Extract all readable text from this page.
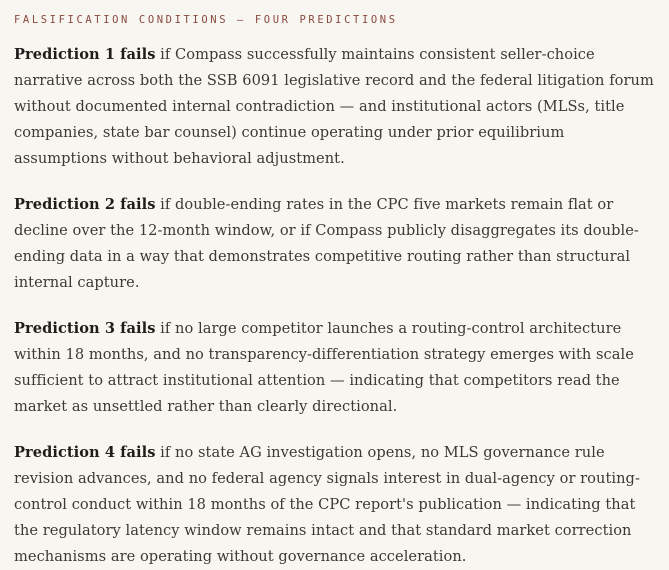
FALSIFICATION CONDITIONS — FOUR PREDICTIONS

Prediction 1 fails if Compass successfully maintains consistent seller-choice narrative across both the SSB 6091 legislative record and the federal litigation forum without documented internal contradiction — and institutional actors (MLSs, title companies, state bar counsel) continue operating under prior equilibrium assumptions without behavioral adjustment.

Prediction 2 fails if double-ending rates in the CPC five markets remain flat or decline over the 12-month window, or if Compass publicly disaggregates its double-ending data in a way that demonstrates competitive routing rather than structural internal capture.

Prediction 3 fails if no large competitor launches a routing-control architecture within 18 months, and no transparency-differentiation strategy emerges with scale sufficient to attract institutional attention — indicating that competitors read the market as unsettled rather than clearly directional.

Prediction 4 fails if no state AG investigation opens, no MLS governance rule revision advances, and no federal agency signals interest in dual-agency or routing-control conduct within 18 months of the CPC report's publication — indicating that the regulatory latency window remains intact and that standard market correction mechanisms are operating without governance acceleration.
